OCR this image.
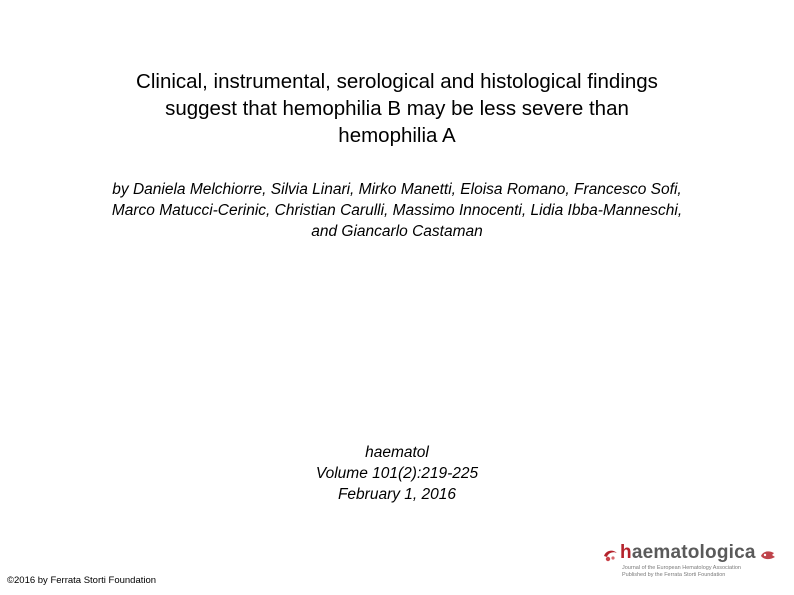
Clinical, instrumental, serological and histological findings
suggest that hemophilia B may be less severe than
hemophilia A
by Daniela Melchiorre, Silvia Linari, Mirko Manetti, Eloisa Romano, Francesco Sofi,
Marco Matucci-Cerinic, Christian Carulli, Massimo Innocenti, Lidia Ibba-Manneschi,
and Giancarlo Castaman
haematol
Volume 101(2):219-225
February 1, 2016
©2016 by Ferrata Storti Foundation
haematologica
Journal of the European Hematology Association
Published by the Ferrata Storti Foundation
